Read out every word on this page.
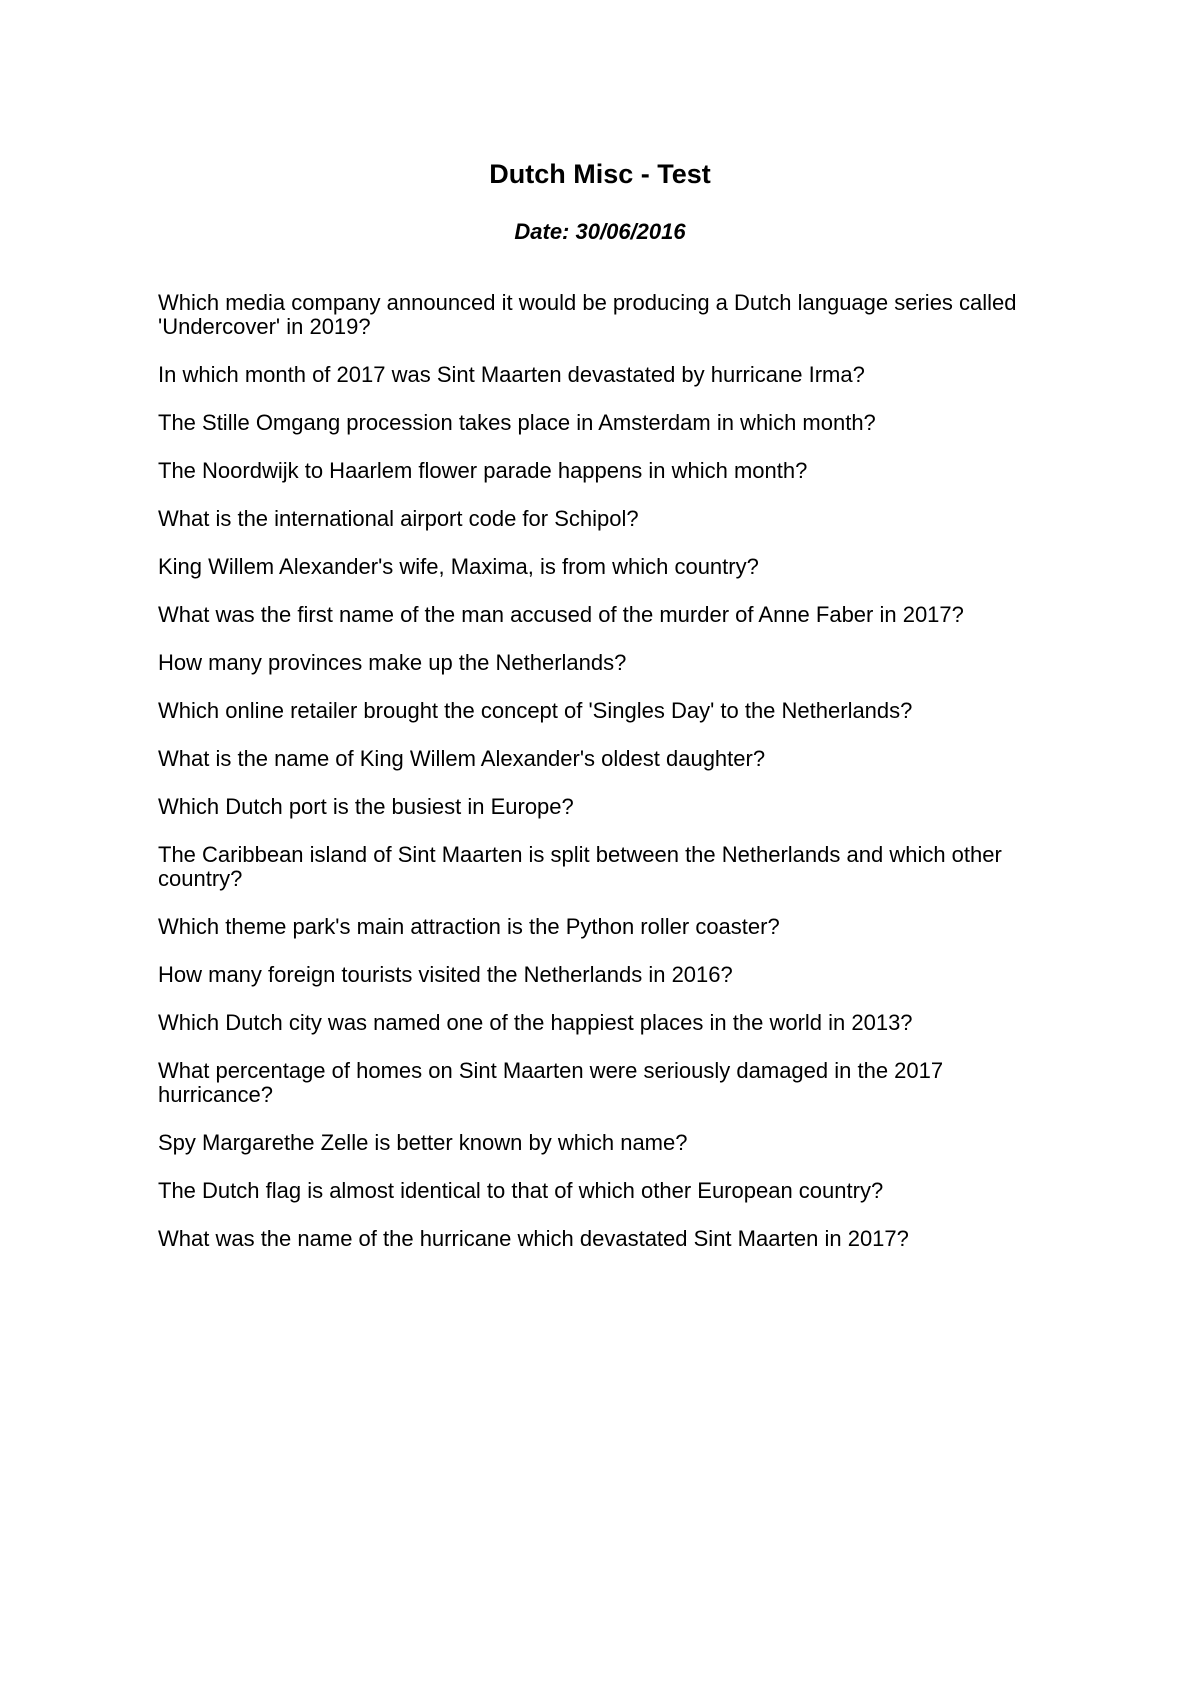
Dutch Misc - Test

Date: 30/06/2016

Which media company announced it would be producing a Dutch language series called 'Undercover' in 2019?
In which month of 2017 was Sint Maarten devastated by hurricane Irma?
The Stille Omgang procession takes place in Amsterdam in which month?
The Noordwijk to Haarlem flower parade happens in which month?
What is the international airport code for Schipol?
King Willem Alexander's wife, Maxima, is from which country?
What was the first name of the man accused of the murder of Anne Faber in 2017?
How many provinces make up the Netherlands?
Which online retailer brought the concept of 'Singles Day' to the Netherlands?
What is the name of King Willem Alexander's oldest daughter?
Which Dutch port is the busiest in Europe?
The Caribbean island of Sint Maarten is split between the Netherlands and which other country?
Which theme park's main attraction is the Python roller coaster?
How many foreign tourists visited the Netherlands in 2016?
Which Dutch city was named one of the happiest places in the world in 2013?
What percentage of homes on Sint Maarten were seriously damaged in the 2017 hurricance?
Spy Margarethe Zelle is better known by which name?
The Dutch flag is almost identical to that of which other European country?
What was the name of the hurricane which devastated Sint Maarten in 2017?
